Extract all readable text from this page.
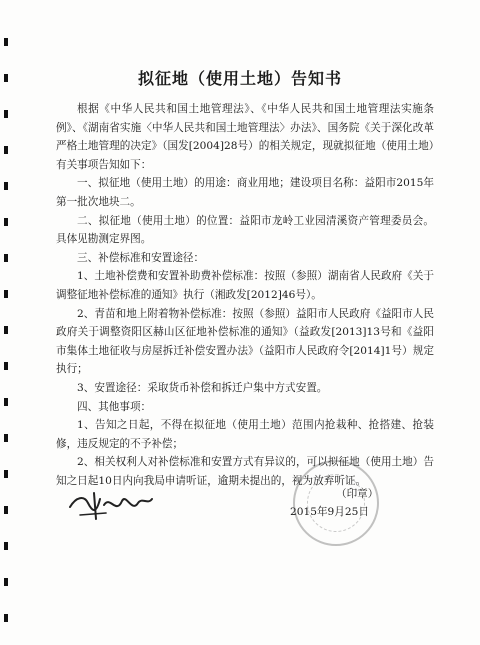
拟征地（使用土地）告知书

根据《中华人民共和国土地管理法》、《中华人民共和国土地管理法实施条例》、《湖南省实施〈中华人民共和国土地管理法〉办法》、国务院《关于深化改革严格土地管理的决定》（国发[2004]28号）的相关规定，现就拟征地（使用土地）有关事项告知如下：

一、拟征地（使用土地）的用途：商业用地；建设项目名称：益阳市2015年第一批次地块二。

二、拟征地（使用土地）的位置：益阳市龙岭工业园清溪资产管理委员会。具体见勘测定界图。

三、补偿标准和安置途径：

1、土地补偿费和安置补助费补偿标准：按照（参照）湖南省人民政府《关于调整征地补偿标准的通知》执行（湘政发[2012]46号）。

2、青苗和地上附着物补偿标准：按照（参照）益阳市人民政府《益阳市人民政府关于调整资阳区赫山区征地补偿标准的通知》（益政发[2013]13号和《益阳市集体土地征收与房屋拆迁补偿安置办法》（益阳市人民政府令[2014]1号）规定执行；

3、安置途径：采取货币补偿和拆迁户集中方式安置。

四、其他事项：

1、告知之日起，不得在拟征地（使用土地）范围内抢栽种、抢搭建、抢装修，违反规定的不予补偿；

2、相关权利人对补偿标准和安置方式有异议的，可以拟征地（使用土地）告知之日起10日内向我局申请听证，逾期未提出的，视为放弃听证。

（印章）
2015年9月25日
